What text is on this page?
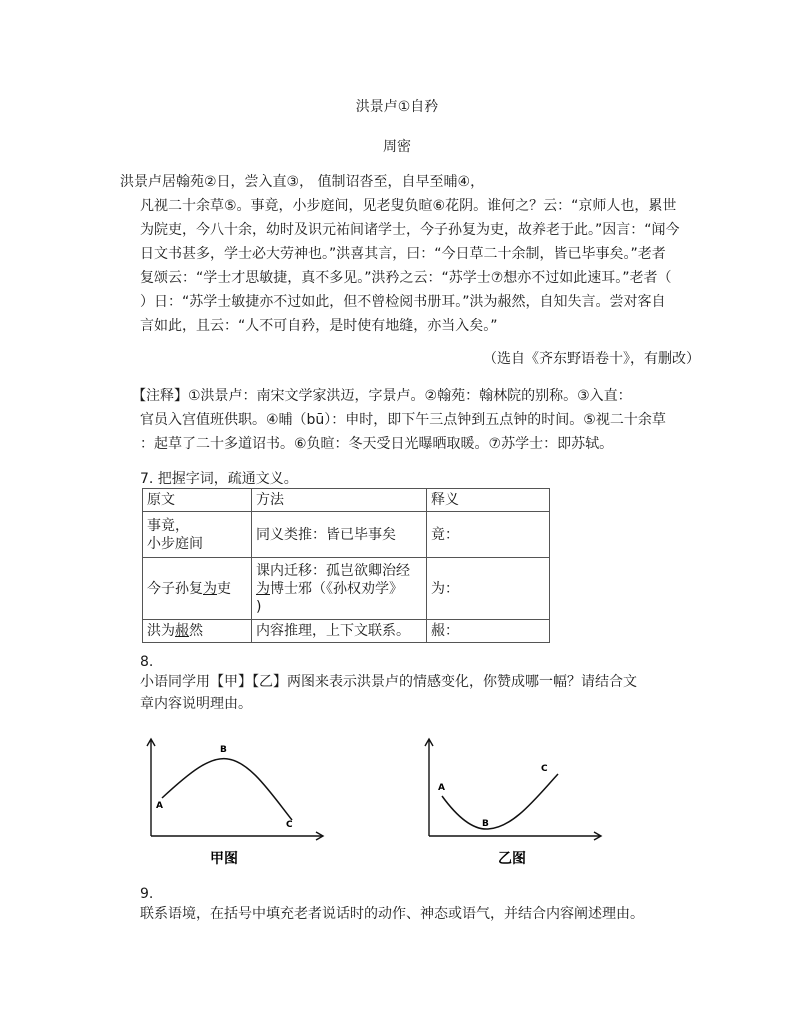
洪景卢①自矜
周密
洪景卢居翰苑②日，尝入直③， 值制诏沓至，自早至晡④，
凡视二十余草⑤。事竟，小步庭间，见老叟负暄⑥花阴。谁何之？云：“京师人也，累世
为院吏，今八十余，幼时及识元祐间诸学士，今子孙复为吏，故养老于此。”因言：“闻今
日文书甚多，学士必大劳神也。”洪喜其言，曰：“今日草二十余制，皆已毕事矣。”老者
复颂云：“学士才思敏捷，真不多见。”洪矜之云：“苏学士⑦想亦不过如此速耳。”老者（
）日：“苏学士敏捷亦不过如此，但不曾检阅书册耳。”洪为赧然，自知失言。尝对客自
言如此，且云：“人不可自矜，是时使有地缝，亦当入矣。”
（选自《齐东野语卷十》，有删改）
【注释】①洪景卢：南宋文学家洪迈，字景卢。②翰苑：翰林院的别称。③入直：
官员入宫值班供职。④晡（bū）：申时，即下午三点钟到五点钟的时间。⑤视二十余草
：起草了二十多道诏书。⑥负暄：冬天受日光曝晒取暖。⑦苏学士：即苏轼。
7. 把握字词，疏通文义。
原文	方法	释义
事竟，
小步庭间	同义类推：皆已毕事矣	竟：
今子孙复为吏	课内迁移：孤岂欲卿治经
为博士邪（《孙权劝学》
)	为：
洪为赧然	内容推理，上下文联系。	赧：
8.
小语同学用【甲】【乙】两图来表示洪景卢的情感变化，你赞成哪一幅？请结合文
章内容说明理由。
A
B
C
甲图
A
B
C
乙图
9.
联系语境，在括号中填充老者说话时的动作、神态或语气，并结合内容阐述理由。
